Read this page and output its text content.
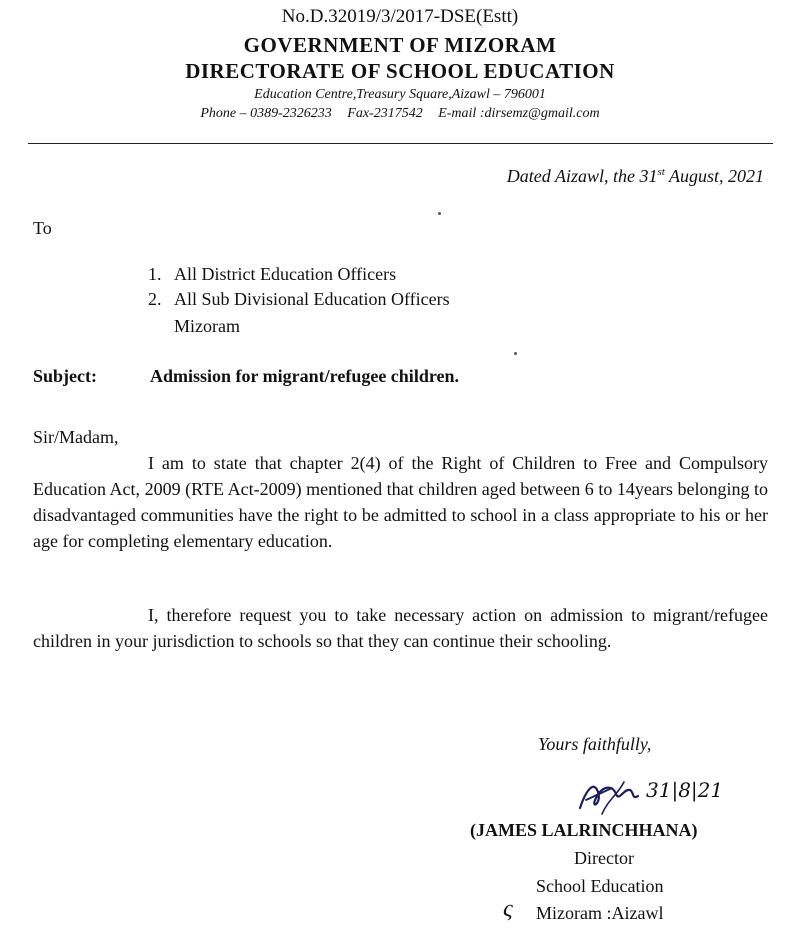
No.D.32019/3/2017-DSE(Estt)
GOVERNMENT OF MIZORAM
DIRECTORATE OF SCHOOL EDUCATION
Education Centre,Treasury Square,Aizawl – 796001
Phone – 0389-2326233 Fax-2317542 E-mail :dirsemz@gmail.com
Dated Aizawl, the 31st August, 2021
To
1. All District Education Officers
2. All Sub Divisional Education Officers
Mizoram
Subject:	Admission for migrant/refugee children.
Sir/Madam,
I am to state that chapter 2(4) of the Right of Children to Free and Compulsory Education Act, 2009 (RTE Act-2009) mentioned that children aged between 6 to 14years belonging to disadvantaged communities have the right to be admitted to school in a class appropriate to his or her age for completing elementary education.
I, therefore request you to take necessary action on admission to migrant/refugee children in your jurisdiction to schools so that they can continue their schooling.
Yours faithfully,
31|8|21
(JAMES LALRINCHHANA)
Director
School Education
ς Mizoram :Aizawl
